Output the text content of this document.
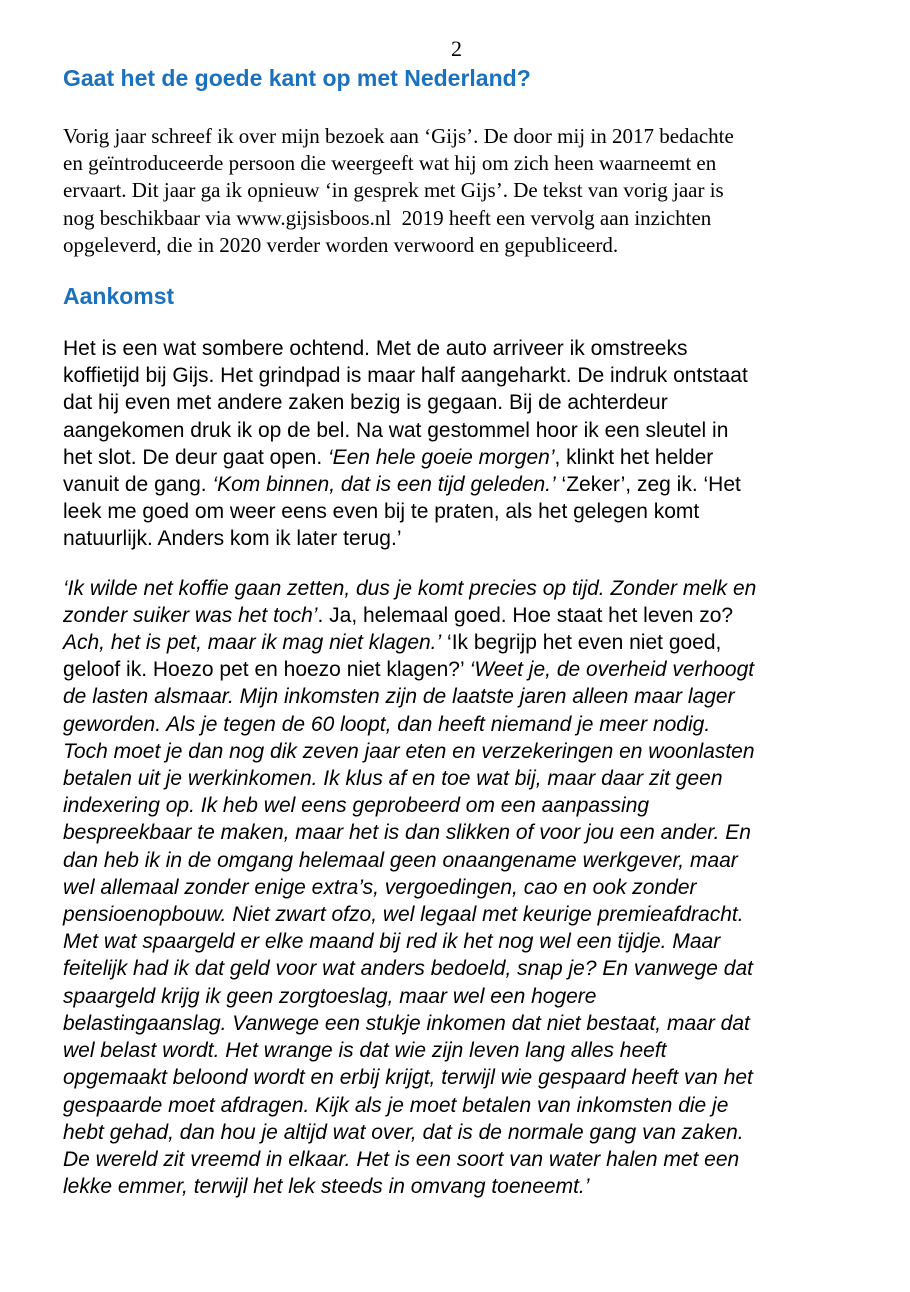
2
Gaat het de goede kant op met Nederland?
Vorig jaar schreef ik over mijn bezoek aan ‘Gijs’. De door mij in 2017 bedachte
en geïntroduceerde persoon die weergeeft wat hij om zich heen waarneemt en
ervaart. Dit jaar ga ik opnieuw ‘in gesprek met Gijs’. De tekst van vorig jaar is
nog beschikbaar via www.gijsisboos.nl  2019 heeft een vervolg aan inzichten
opgeleverd, die in 2020 verder worden verwoord en gepubliceerd.
Aankomst
Het is een wat sombere ochtend. Met de auto arriveer ik omstreeks
koffietijd bij Gijs. Het grindpad is maar half aangeharkt. De indruk ontstaat
dat hij even met andere zaken bezig is gegaan. Bij de achterdeur
aangekomen druk ik op de bel. Na wat gestommel hoor ik een sleutel in
het slot. De deur gaat open. ‘Een hele goeie morgen’, klinkt het helder
vanuit de gang. ‘Kom binnen, dat is een tijd geleden.’ ‘Zeker’, zeg ik. ‘Het
leek me goed om weer eens even bij te praten, als het gelegen komt
natuurlijk. Anders kom ik later terug.’
‘Ik wilde net koffie gaan zetten, dus je komt precies op tijd. Zonder melk en
zonder suiker was het toch’. Ja, helemaal goed. Hoe staat het leven zo?
Ach, het is pet, maar ik mag niet klagen.’ ‘Ik begrijp het even niet goed,
geloof ik. Hoezo pet en hoezo niet klagen?’ ‘Weet je, de overheid verhoogt
de lasten alsmaar. Mijn inkomsten zijn de laatste jaren alleen maar lager
geworden. Als je tegen de 60 loopt, dan heeft niemand je meer nodig.
Toch moet je dan nog dik zeven jaar eten en verzekeringen en woonlasten
betalen uit je werkinkomen. Ik klus af en toe wat bij, maar daar zit geen
indexering op. Ik heb wel eens geprobeerd om een aanpassing
bespreekbaar te maken, maar het is dan slikken of voor jou een ander. En
dan heb ik in de omgang helemaal geen onaangename werkgever, maar
wel allemaal zonder enige extra’s, vergoedingen, cao en ook zonder
pensioenopbouw. Niet zwart ofzo, wel legaal met keurige premieafdracht.
Met wat spaargeld er elke maand bij red ik het nog wel een tijdje. Maar
feitelijk had ik dat geld voor wat anders bedoeld, snap je? En vanwege dat
spaargeld krijg ik geen zorgtoeslag, maar wel een hogere
belastingaanslag. Vanwege een stukje inkomen dat niet bestaat, maar dat
wel belast wordt. Het wrange is dat wie zijn leven lang alles heeft
opgemaakt beloond wordt en erbij krijgt, terwijl wie gespaard heeft van het
gespaarde moet afdragen. Kijk als je moet betalen van inkomsten die je
hebt gehad, dan hou je altijd wat over, dat is de normale gang van zaken.
De wereld zit vreemd in elkaar. Het is een soort van water halen met een
lekke emmer, terwijl het lek steeds in omvang toeneemt.’
